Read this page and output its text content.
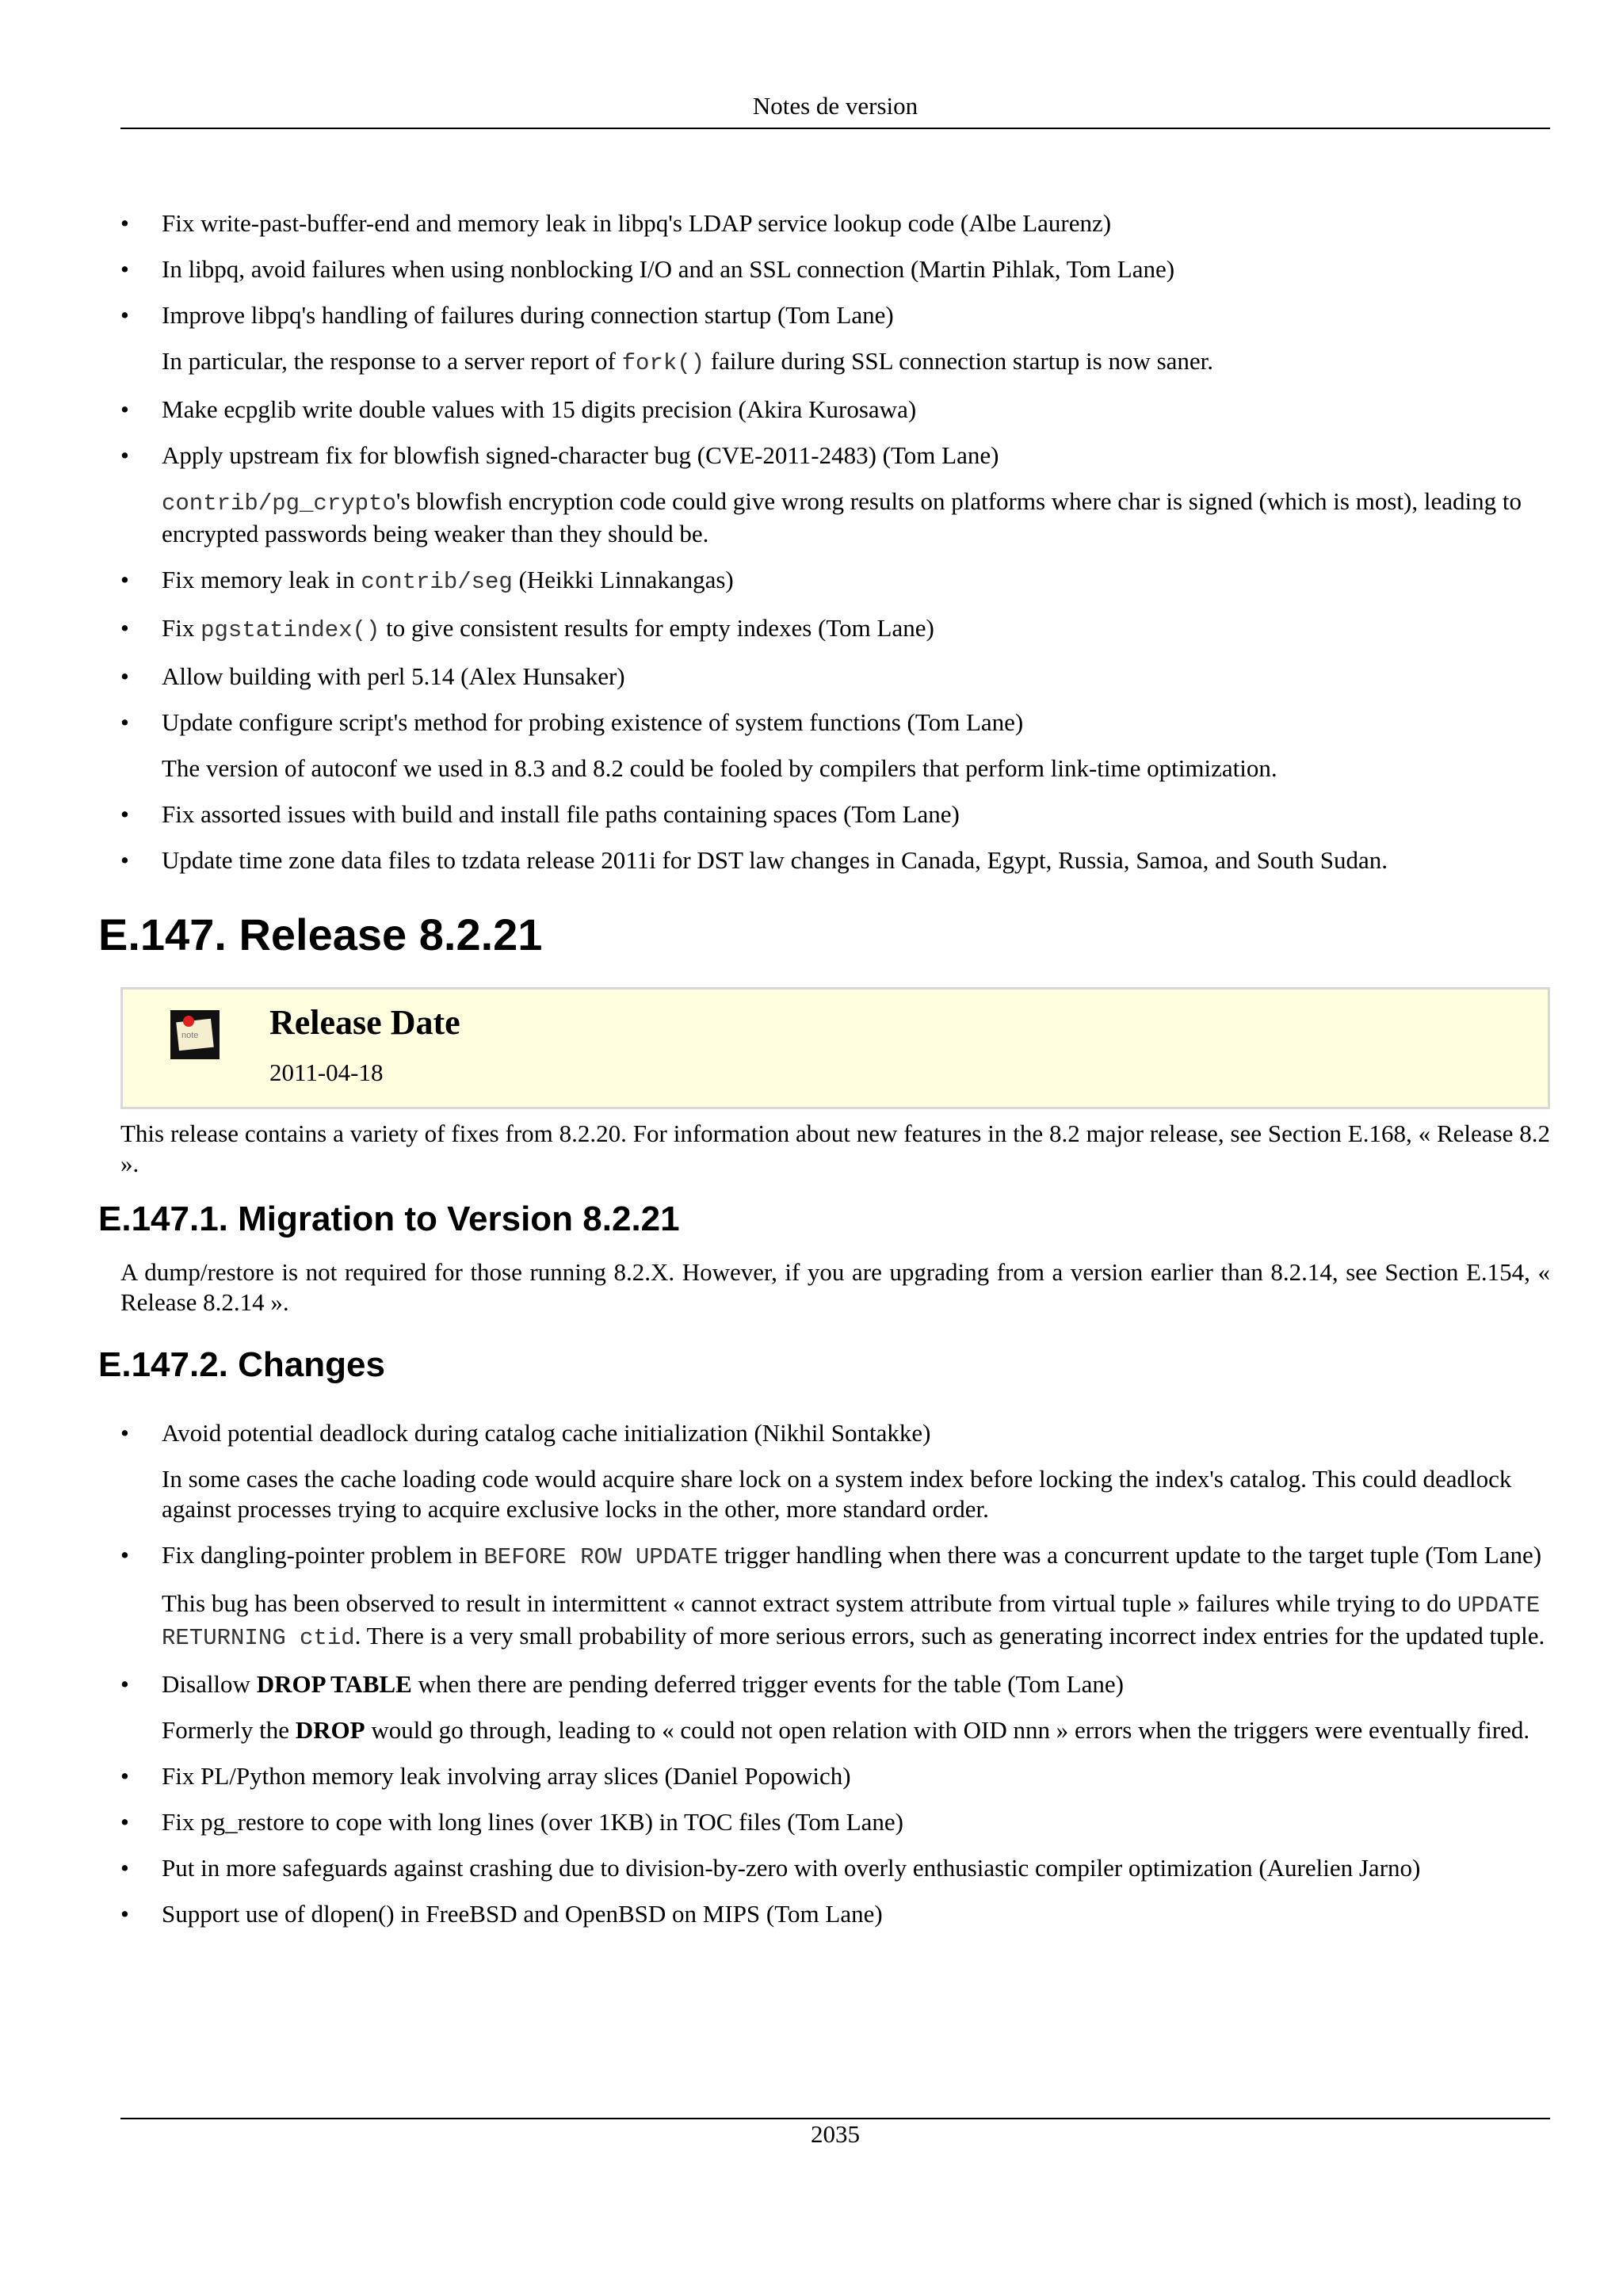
Notes de version
• Fix write-past-buffer-end and memory leak in libpq's LDAP service lookup code (Albe Laurenz)

• In libpq, avoid failures when using nonblocking I/O and an SSL connection (Martin Pihlak, Tom Lane)

• Improve libpq's handling of failures during connection startup (Tom Lane)

In particular, the response to a server report of fork() failure during SSL connection startup is now saner.

• Make ecpglib write double values with 15 digits precision (Akira Kurosawa)

• Apply upstream fix for blowfish signed-character bug (CVE-2011-2483) (Tom Lane)

contrib/pg_crypto's blowfish encryption code could give wrong results on platforms where char is signed (which is most), leading to encrypted passwords being weaker than they should be.

• Fix memory leak in contrib/seg (Heikki Linnakangas)

• Fix pgstatindex() to give consistent results for empty indexes (Tom Lane)

• Allow building with perl 5.14 (Alex Hunsaker)

• Update configure script's method for probing existence of system functions (Tom Lane)

The version of autoconf we used in 8.3 and 8.2 could be fooled by compilers that perform link-time optimization.

• Fix assorted issues with build and install file paths containing spaces (Tom Lane)

• Update time zone data files to tzdata release 2011i for DST law changes in Canada, Egypt, Russia, Samoa, and South Sudan.

E.147. Release 8.2.21
note Release Date
2011-04-18

This release contains a variety of fixes from 8.2.20. For information about new features in the 8.2 major release, see Section E.168, « Release 8.2 ».

E.147.1. Migration to Version 8.2.21

A dump/restore is not required for those running 8.2.X. However, if you are upgrading from a version earlier than 8.2.14, see Section E.154, « Release 8.2.14 ».

E.147.2. Changes
• Avoid potential deadlock during catalog cache initialization (Nikhil Sontakke)

In some cases the cache loading code would acquire share lock on a system index before locking the index's catalog. This could deadlock against processes trying to acquire exclusive locks in the other, more standard order.

• Fix dangling-pointer problem in BEFORE ROW UPDATE trigger handling when there was a concurrent update to the target tuple (Tom Lane)

This bug has been observed to result in intermittent « cannot extract system attribute from virtual tuple » failures while trying to do UPDATE RETURNING ctid. There is a very small probability of more serious errors, such as generating incorrect index entries for the updated tuple.

• Disallow DROP TABLE when there are pending deferred trigger events for the table (Tom Lane)

Formerly the DROP would go through, leading to « could not open relation with OID nnn » errors when the triggers were eventually fired.

• Fix PL/Python memory leak involving array slices (Daniel Popowich)

• Fix pg_restore to cope with long lines (over 1KB) in TOC files (Tom Lane)

• Put in more safeguards against crashing due to division-by-zero with overly enthusiastic compiler optimization (Aurelien Jarno)

• Support use of dlopen() in FreeBSD and OpenBSD on MIPS (Tom Lane)

2035
